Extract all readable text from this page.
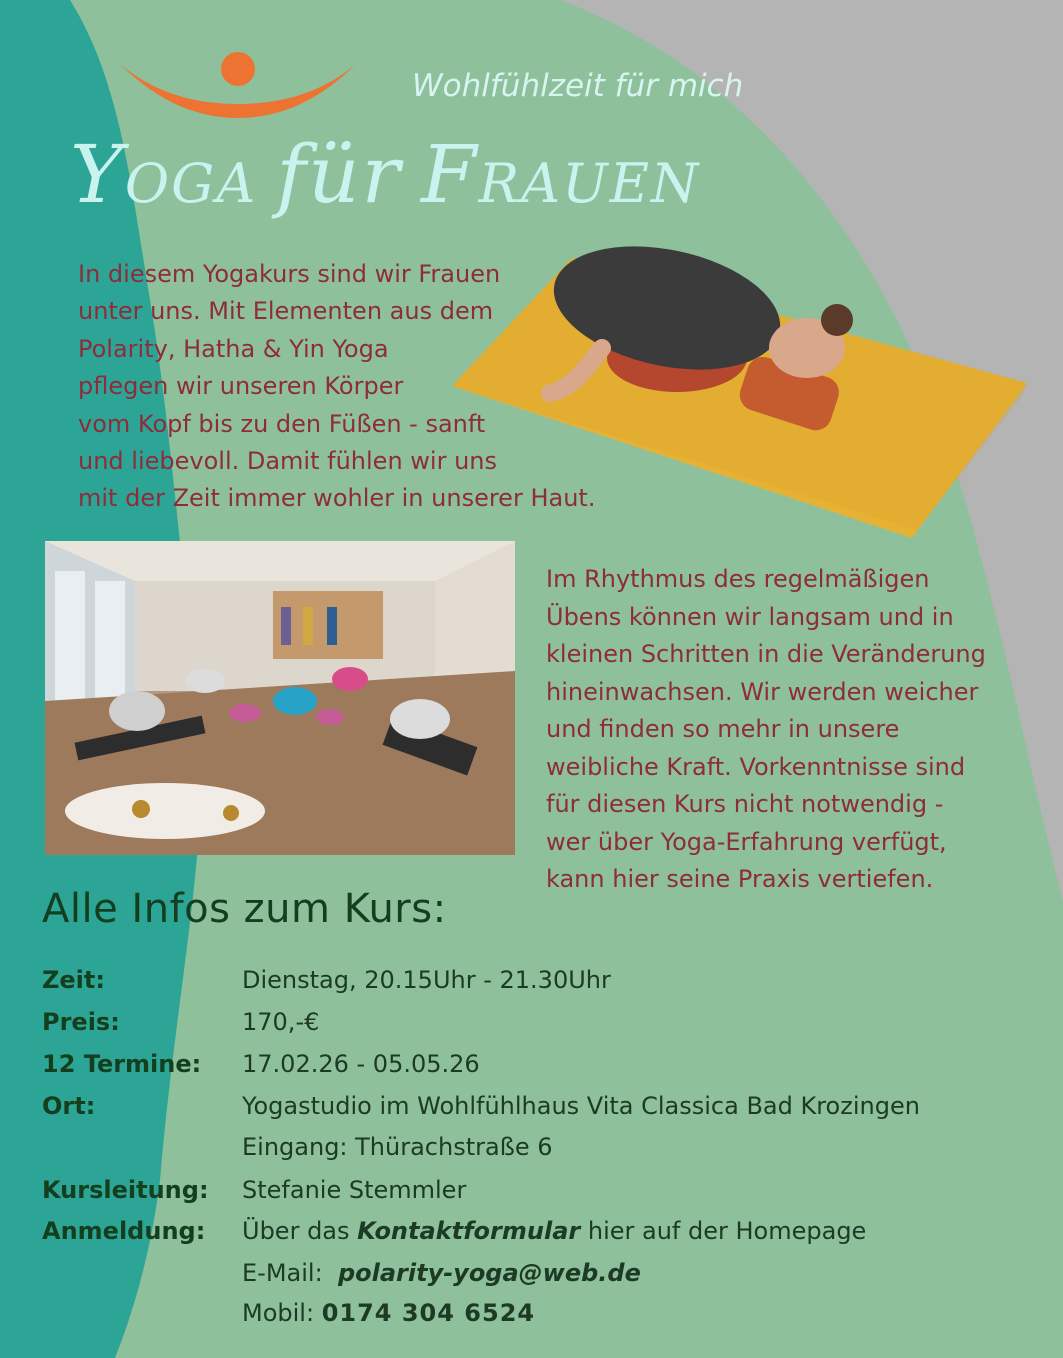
Wohlfühlzeit für mich
YOGA für FRAUEN
In diesem Yogakurs sind wir Frauen
unter uns. Mit Elementen aus dem
Polarity, Hatha & Yin Yoga
pflegen wir unseren Körper
vom Kopf bis zu den Füßen - sanft
und liebevoll. Damit fühlen wir uns
mit der Zeit immer wohler in unserer Haut.
Im Rhythmus des regelmäßigen
Übens können wir langsam und in
kleinen Schritten in die Veränderung
hineinwachsen. Wir werden weicher
und finden so mehr in unsere
weibliche Kraft. Vorkenntnisse sind
für diesen Kurs nicht notwendig -
wer über Yoga-Erfahrung verfügt,
kann hier seine Praxis vertiefen.
Alle Infos zum Kurs:
Zeit:	Dienstag, 20.15Uhr - 21.30Uhr
Preis:	170,-€
12 Termine: 17.02.26 - 05.05.26
Ort:	Yogastudio im Wohlfühlhaus Vita Classica Bad Krozingen
Eingang: Thürachstraße 6
Kursleitung: Stefanie Stemmler
Anmeldung: Über das Kontaktformular hier auf der Homepage
E-Mail: polarity-yoga@web.de
Mobil: 0174 304 6524
